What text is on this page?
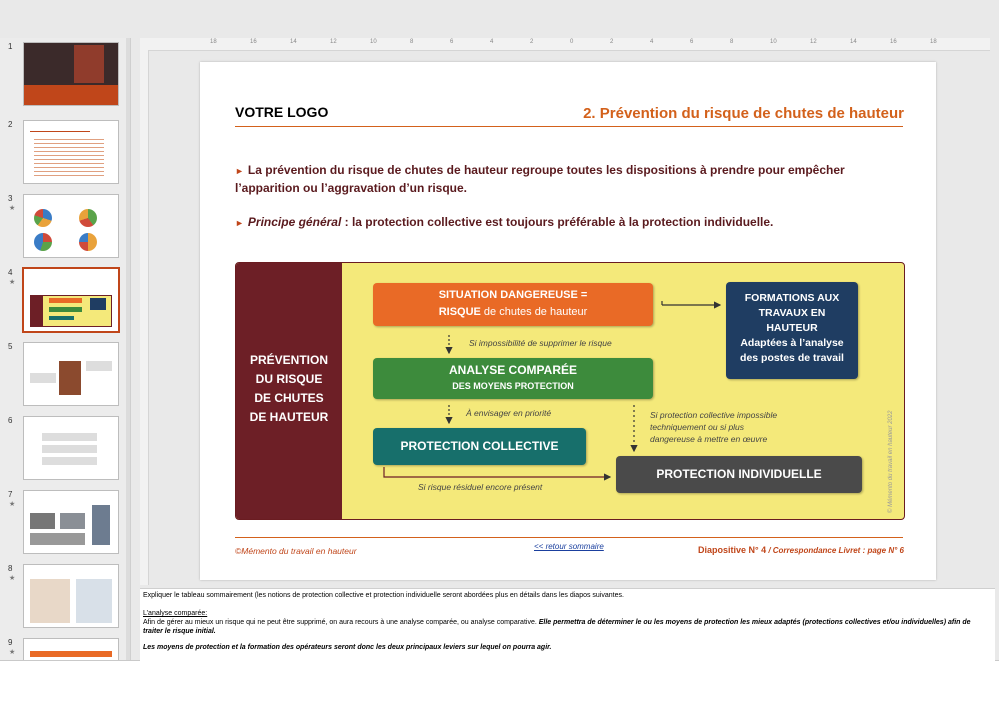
1
2
3
★
4
★
5
6
7
★
8
★
9
★
18	16	14	12	10	8	6	4	2	0	2	4	6	8	10	12	14	16	18
VOTRE LOGO	2. Prévention du risque de chutes de hauteur
► La prévention du risque de chutes de hauteur regroupe toutes les dispositions à prendre pour empêcher l’apparition ou l’aggravation d’un risque.
► Principe général : la protection collective est toujours préférable à la protection individuelle.
PRÉVENTION
DU RISQUE
DE CHUTES
DE HAUTEUR
SITUATION DANGEREUSE =
RISQUE de chutes de hauteur
ANALYSE COMPARÉE
DES MOYENS PROTECTION
PROTECTION COLLECTIVE
PROTECTION INDIVIDUELLE
FORMATIONS AUX
TRAVAUX EN
HAUTEUR
Adaptées à l’analyse
des postes de travail
Si impossibilité de supprimer le risque
À envisager en priorité	Si protection collective impossible
techniquement ou si plus
dangereuse à mettre en œuvre
Si risque résiduel encore présent	© Mémento du travail en hauteur 2022
©Mémento du travail en hauteur	<< retour sommaire	Diapositive N° 4 / Correspondance Livret : page N° 6

Expliquer le tableau sommairement (les notions de protection collective et protection individuelle seront abordées plus en détails dans les diapos suivantes.

L’analyse comparée:

Afin de gérer au mieux un risque qui ne peut être supprimé, on aura recours à une analyse comparée, ou analyse comparative. Elle permettra de déterminer le ou les moyens de protection les mieux adaptés (protections collectives et/ou individuelles) afin de traiter le risque initial.

Les moyens de protection et la formation des opérateurs seront donc les deux principaux leviers sur lequel on pourra agir.
